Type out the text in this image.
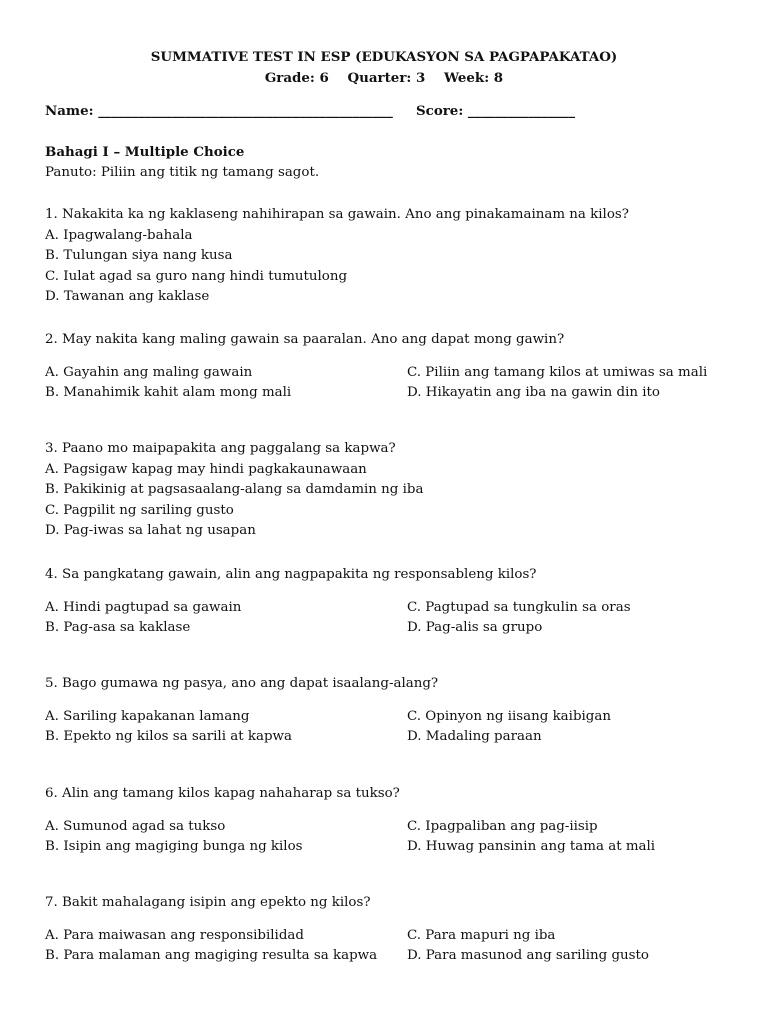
SUMMATIVE TEST IN ESP (EDUKASYON SA PAGPAPAKATAO)
Grade: 6    Quarter: 3    Week: 8
Name: ____________________________________________ Score: ________________
Bahagi I – Multiple Choice
Panuto: Piliin ang titik ng tamang sagot.
1. Nakakita ka ng kaklaseng nahihirapan sa gawain. Ano ang pinakamainam na kilos?
A. Ipagwalang-bahala
B. Tulungan siya nang kusa
C. Iulat agad sa guro nang hindi tumutulong
D. Tawanan ang kaklase
2. May nakita kang maling gawain sa paaralan. Ano ang dapat mong gawin?
A. Gayahin ang maling gawain
B. Manahimik kahit alam mong mali
C. Piliin ang tamang kilos at umiwas sa mali
D. Hikayatin ang iba na gawin din ito
3. Paano mo maipapakita ang paggalang sa kapwa?
A. Pagsigaw kapag may hindi pagkakaunawaan
B. Pakikinig at pagsasaalang-alang sa damdamin ng iba
C. Pagpilit ng sariling gusto
D. Pag-iwas sa lahat ng usapan
4. Sa pangkatang gawain, alin ang nagpapakita ng responsableng kilos?
A. Hindi pagtupad sa gawain
B. Pag-asa sa kaklase
C. Pagtupad sa tungkulin sa oras
D. Pag-alis sa grupo
5. Bago gumawa ng pasya, ano ang dapat isaalang-alang?
A. Sariling kapakanan lamang
B. Epekto ng kilos sa sarili at kapwa
C. Opinyon ng iisang kaibigan
D. Madaling paraan
6. Alin ang tamang kilos kapag nahaharap sa tukso?
A. Sumunod agad sa tukso
B. Isipin ang magiging bunga ng kilos
C. Ipagpaliban ang pag-iisip
D. Huwag pansinin ang tama at mali
7. Bakit mahalagang isipin ang epekto ng kilos?
A. Para maiwasan ang responsibilidad
B. Para malaman ang magiging resulta sa kapwa
C. Para mapuri ng iba
D. Para masunod ang sariling gusto
